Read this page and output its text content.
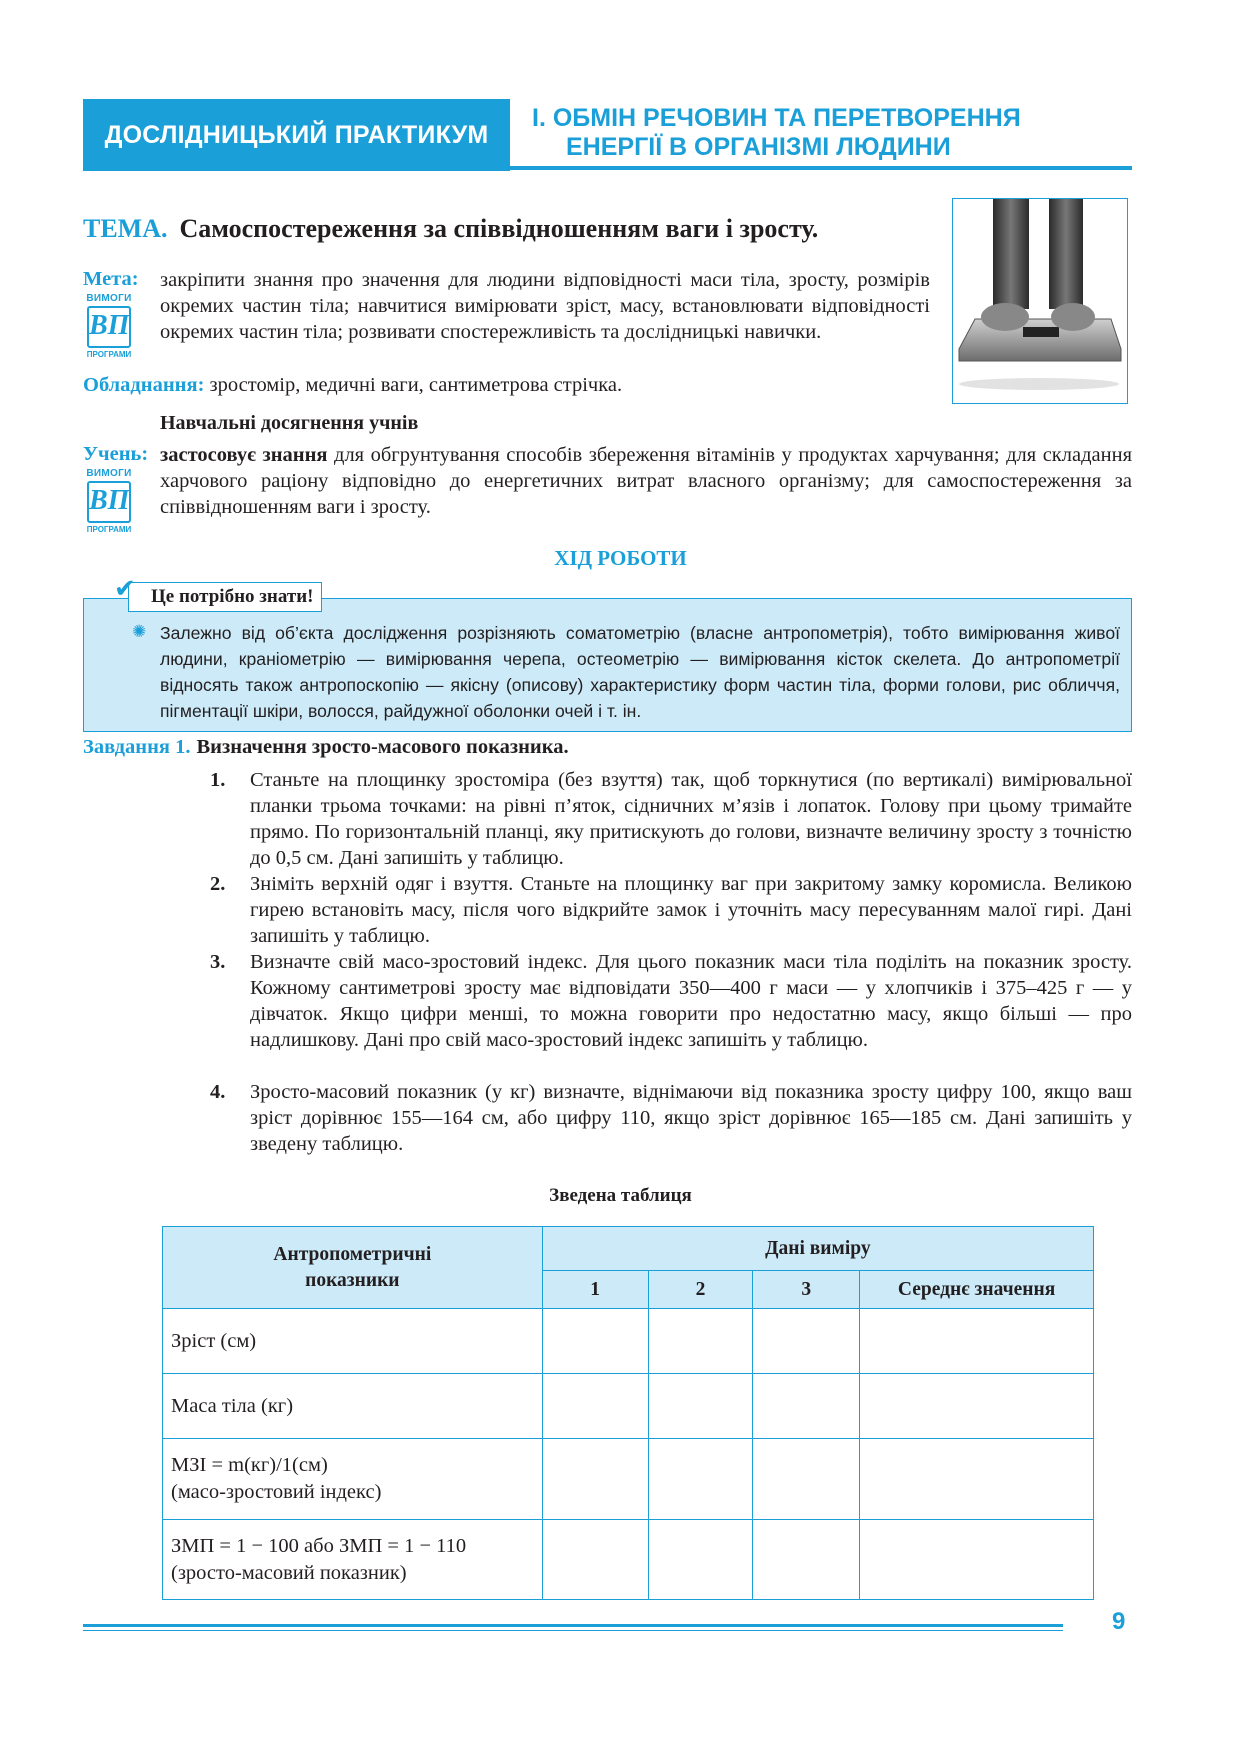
ДОСЛІДНИЦЬКИЙ ПРАКТИКУМ
І. ОБМІН РЕЧОВИН ТА ПЕРЕТВОРЕННЯ
ЕНЕРГІЇ В ОРГАНІЗМІ ЛЮДИНИ
ТЕМА. Самоспостереження за співвідношенням ваги і зросту.
Мета: закріпити знання про значення для людини відповідності маси тіла, зросту, розмірів окремих частин тіла; навчитися вимірювати зріст, масу, встановлювати відповідності окремих частин тіла; розвивати спостережливість та дослідницькі навички.
ВИМОГИ
ВП
ПРОГРАМИ
Обладнання: зростомір, медичні ваги, сантиметрова стрічка.
Навчальні досягнення учнів
Учень: застосовує знання для обгрунтування способів збереження вітамінів у продуктах харчування; для складання харчового раціону відповідно до енергетичних витрат власного організму; для самоспостереження за співвідношенням ваги і зросту.
ВИМОГИ
ВП
ПРОГРАМИ
ХІД РОБОТИ
Це потрібно знати!
✔
✺ Залежно від об’єкта дослідження розрізняють соматометрію (власне антропометрія), тобто вимірювання живої людини, краніометрію — вимірювання черепа, остеометрію — вимірювання кісток скелета. До антропометрії відносять також антропоскопію — якісну (описову) характеристику форм частин тіла, форми голови, рис обличчя, пігментації шкіри, волосся, райдужної оболонки очей і т. ін.
Завдання 1. Визначення зросто-масового показника.
1. Станьте на площинку зростоміра (без взуття) так, щоб торкнутися (по вертикалі) вимірювальної планки трьома точками: на рівні п’яток, сідничних м’язів і лопаток. Голову при цьому тримайте прямо. По горизонтальній планці, яку притискують до голови, визначте величину зросту з точністю до 0,5 см. Дані запишіть у таблицю.
2. Зніміть верхній одяг і взуття. Станьте на площинку ваг при закритому замку коромисла. Великою гирею встановіть масу, після чого відкрийте замок і уточніть масу пересуванням малої гирі. Дані запишіть у таблицю.
3. Визначте свій масо-зростовий індекс. Для цього показник маси тіла поділіть на показник зросту. Кожному сантиметрові зросту має відповідати 350—400 г маси — у хлопчиків і 375–425 г — у дівчаток. Якщо цифри менші, то можна говорити про недостатню масу, якщо більші — про надлишкову. Дані про свій масо-зростовий індекс запишіть у таблицю.
4. Зросто-масовий показник (у кг) визначте, віднімаючи від показника зросту цифру 100, якщо ваш зріст дорівнює 155—164 см, або цифру 110, якщо зріст дорівнює 165—185 см. Дані запишіть у зведену таблицю.
Зведена таблиця
Антропометричні показники	Дані виміру			
	1	2	3	Середнє значення

Зріст (см)				

Маса тіла (кг)				

МЗІ = m(кг)/1(см)
(масо-зростовий індекс)				

ЗМП = 1 − 100 або ЗМП = 1 − 110
(зросто-масовий показник)				

9
